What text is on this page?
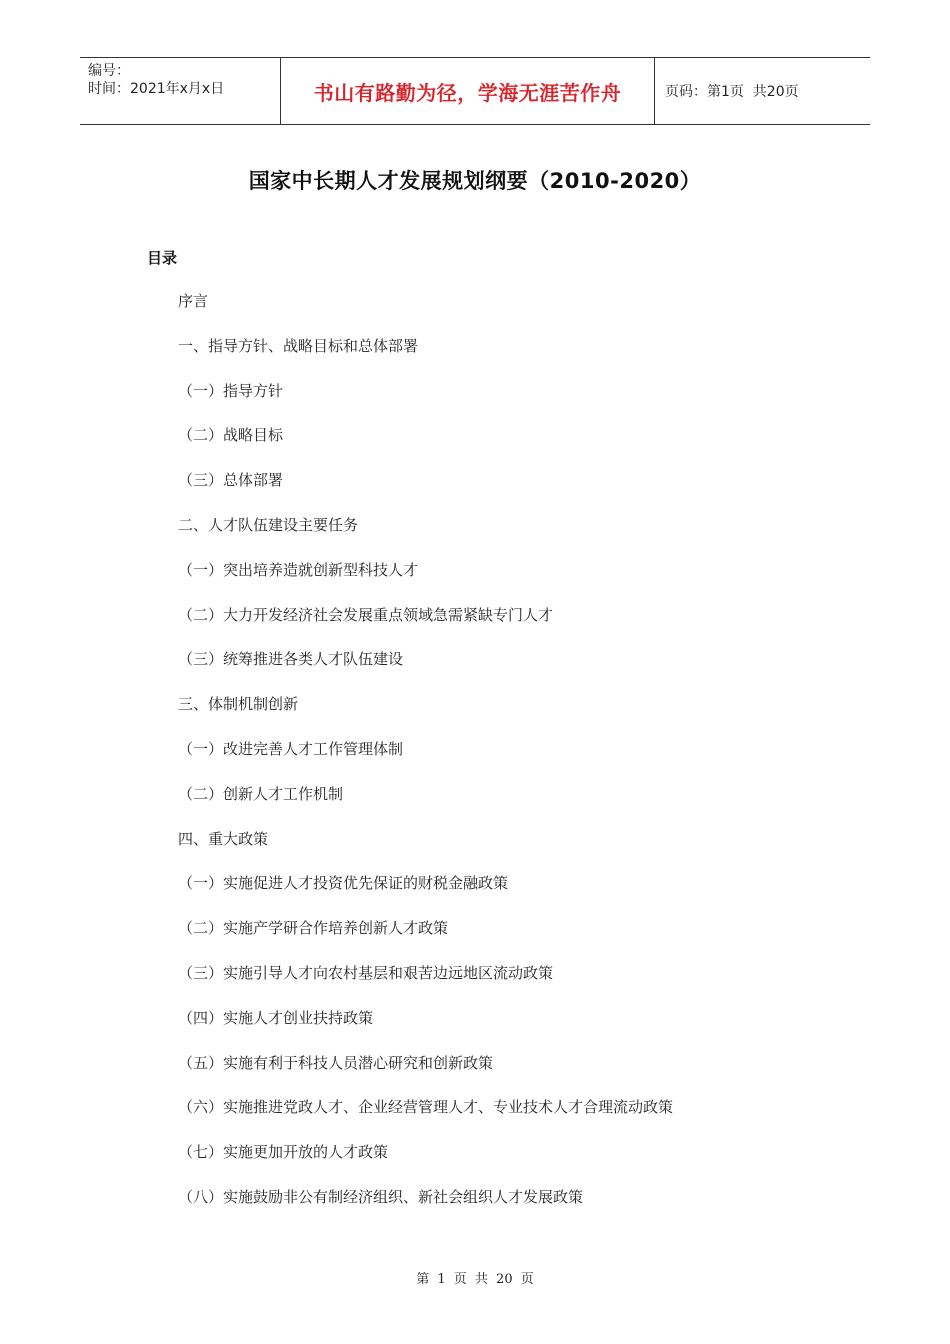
编号：
时间：2021年x月x日	书山有路勤为径，学海无涯苦作舟	页码：第1页  共20页
国家中长期人才发展规划纲要（2010-2020）
目录
序言
一、指导方针、战略目标和总体部署
（一）指导方针
（二）战略目标
（三）总体部署
二、人才队伍建设主要任务
（一）突出培养造就创新型科技人才
（二）大力开发经济社会发展重点领域急需紧缺专门人才
（三）统筹推进各类人才队伍建设
三、体制机制创新
（一）改进完善人才工作管理体制
（二）创新人才工作机制
四、重大政策
（一）实施促进人才投资优先保证的财税金融政策
（二）实施产学研合作培养创新人才政策
（三）实施引导人才向农村基层和艰苦边远地区流动政策
（四）实施人才创业扶持政策
（五）实施有利于科技人员潜心研究和创新政策
（六）实施推进党政人才、企业经营管理人才、专业技术人才合理流动政策
（七）实施更加开放的人才政策
（八）实施鼓励非公有制经济组织、新社会组织人才发展政策
第 1 页 共 20 页
